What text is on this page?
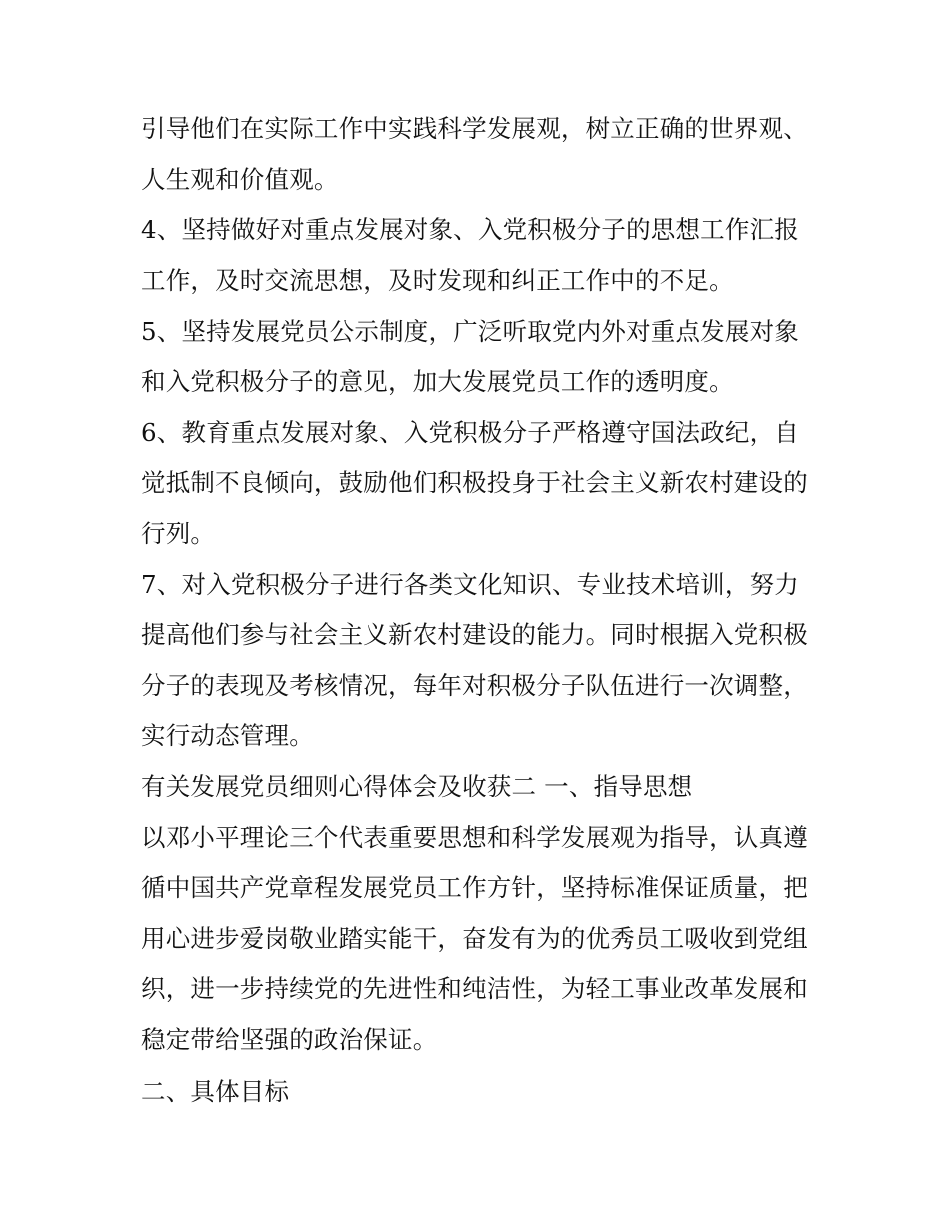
引导他们在实际工作中实践科学发展观，树立正确的世界观、
人生观和价值观。
4、坚持做好对重点发展对象、入党积极分子的思想工作汇报
工作，及时交流思想，及时发现和纠正工作中的不足。
5、坚持发展党员公示制度，广泛听取党内外对重点发展对象
和入党积极分子的意见，加大发展党员工作的透明度。
6、教育重点发展对象、入党积极分子严格遵守国法政纪，自
觉抵制不良倾向，鼓励他们积极投身于社会主义新农村建设的
行列。
7、对入党积极分子进行各类文化知识、专业技术培训，努力
提高他们参与社会主义新农村建设的能力。同时根据入党积极
分子的表现及考核情况，每年对积极分子队伍进行一次调整，
实行动态管理。
有关发展党员细则心得体会及收获二 一、指导思想
以邓小平理论三个代表重要思想和科学发展观为指导，认真遵
循中国共产党章程发展党员工作方针，坚持标准保证质量，把
用心进步爱岗敬业踏实能干，奋发有为的优秀员工吸收到党组
织，进一步持续党的先进性和纯洁性，为轻工事业改革发展和
稳定带给坚强的政治保证。
二、具体目标
